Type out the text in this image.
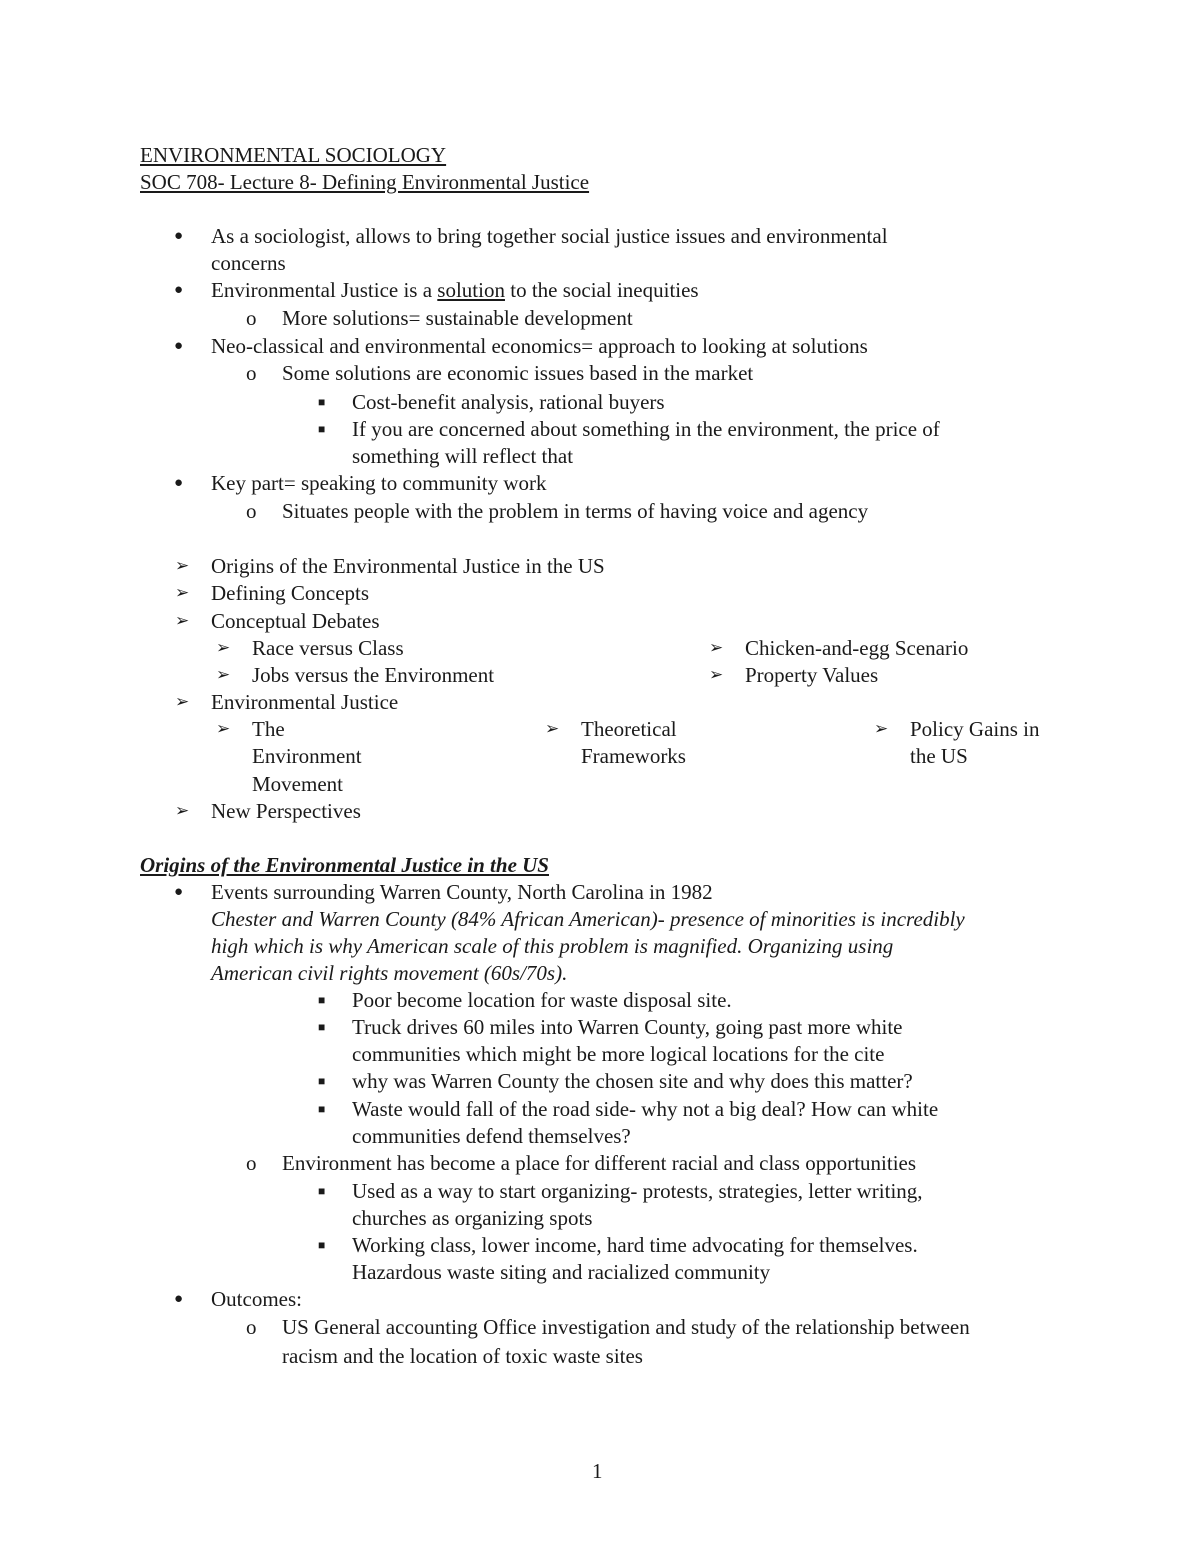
ENVIRONMENTAL SOCIOLOGY
SOC 708- Lecture 8- Defining Environmental Justice
● As a sociologist, allows to bring together social justice issues and environmental
concerns
● Environmental Justice is a solution to the social inequities
o More solutions= sustainable development
● Neo-classical and environmental economics= approach to looking at solutions
o Some solutions are economic issues based in the market
■ Cost-benefit analysis, rational buyers
■ If you are concerned about something in the environment, the price of
something will reflect that
● Key part= speaking to community work
o Situates people with the problem in terms of having voice and agency
➢ Origins of the Environmental Justice in the US
➢ Defining Concepts
➢ Conceptual Debates
➢ Race versus Class	➢ Chicken-and-egg Scenario
➢ Jobs versus the Environment	➢ Property Values
➢ Environmental Justice
➢ The
Environment
Movement
➢ Theoretical
Frameworks
➢ Policy Gains in
the US
➢ New Perspectives
Origins of the Environmental Justice in the US
● Events surrounding Warren County, North Carolina in 1982
Chester and Warren County (84% African American)- presence of minorities is incredibly
high which is why American scale of this problem is magnified. Organizing using
American civil rights movement (60s/70s).
■ Poor become location for waste disposal site.
■ Truck drives 60 miles into Warren County, going past more white
communities which might be more logical locations for the cite
■ why was Warren County the chosen site and why does this matter?
■ Waste would fall of the road side- why not a big deal? How can white
communities defend themselves?
o Environment has become a place for different racial and class opportunities
■ Used as a way to start organizing- protests, strategies, letter writing,
churches as organizing spots
■ Working class, lower income, hard time advocating for themselves.
Hazardous waste siting and racialized community
● Outcomes:
o US General accounting Office investigation and study of the relationship between
racism and the location of toxic waste sites
1
